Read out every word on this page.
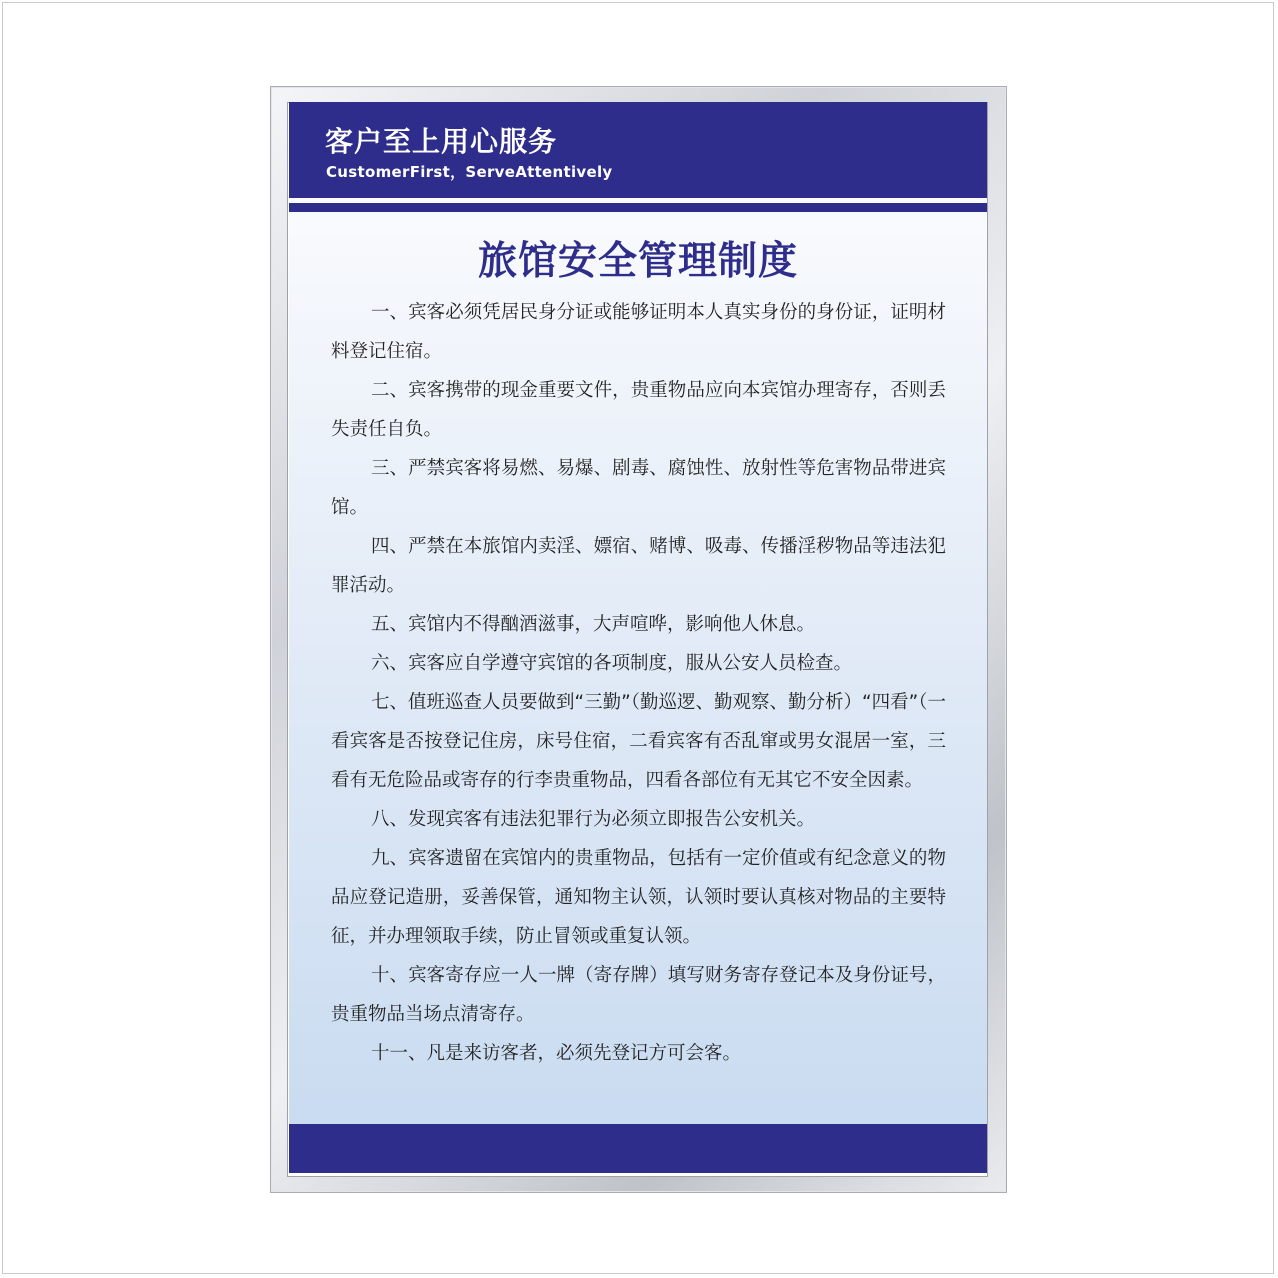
客户至上用心服务
CustomerFirst，ServeAttentively
旅馆安全管理制度
一、宾客必须凭居民身分证或能够证明本人真实身份的身份证，证明材料登记住宿。
二、宾客携带的现金重要文件，贵重物品应向本宾馆办理寄存，否则丢失责任自负。
三、严禁宾客将易燃、易爆、剧毒、腐蚀性、放射性等危害物品带进宾馆。
四、严禁在本旅馆内卖淫、嫖宿、赌博、吸毒、传播淫秽物品等违法犯罪活动。
五、宾馆内不得酗酒滋事，大声喧哗，影响他人休息。
六、宾客应自学遵守宾馆的各项制度，服从公安人员检查。
七、值班巡查人员要做到“三勤”（勤巡逻、勤观察、勤分析）“四看”（一看宾客是否按登记住房，床号住宿，二看宾客有否乱窜或男女混居一室，三看有无危险品或寄存的行李贵重物品，四看各部位有无其它不安全因素。
八、发现宾客有违法犯罪行为必须立即报告公安机关。
九、宾客遗留在宾馆内的贵重物品，包括有一定价值或有纪念意义的物品应登记造册，妥善保管，通知物主认领，认领时要认真核对物品的主要特征，并办理领取手续，防止冒领或重复认领。
十、宾客寄存应一人一牌（寄存牌）填写财务寄存登记本及身份证号，贵重物品当场点清寄存。
十一、凡是来访客者，必须先登记方可会客。
